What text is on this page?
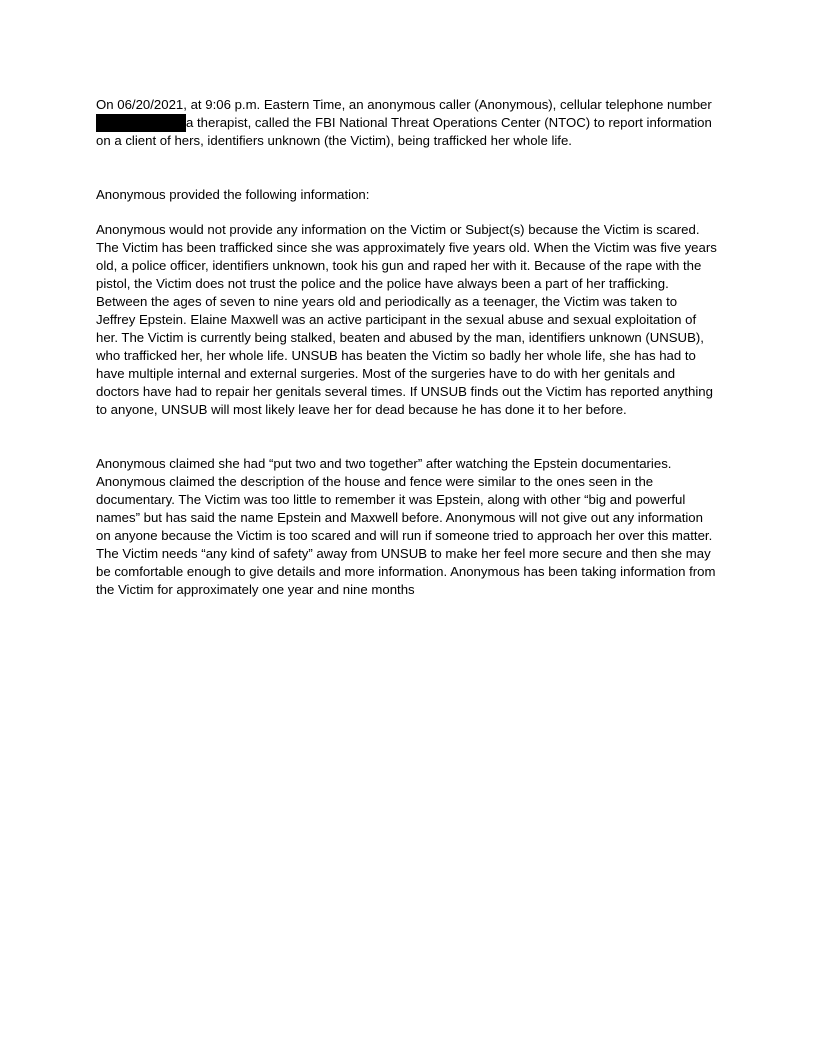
On 06/20/2021, at 9:06 p.m. Eastern Time, an anonymous caller (Anonymous), cellular telephone numbera therapist, called the FBI National Threat Operations Center (NTOC) to report information on a client of hers, identifiers unknown (the Victim), being trafficked her whole life.

Anonymous provided the following information:

Anonymous would not provide any information on the Victim or Subject(s) because the Victim is scared. The Victim has been trafficked since she was approximately five years old. When the Victim was five years old, a police officer, identifiers unknown, took his gun and raped her with it. Because of the rape with the pistol, the Victim does not trust the police and the police have always been a part of her trafficking. Between the ages of seven to nine years old and periodically as a teenager, the Victim was taken to Jeffrey Epstein. Elaine Maxwell was an active participant in the sexual abuse and sexual exploitation of her. The Victim is currently being stalked, beaten and abused by the man, identifiers unknown (UNSUB), who trafficked her, her whole life. UNSUB has beaten the Victim so badly her whole life, she has had to have multiple internal and external surgeries. Most of the surgeries have to do with her genitals and doctors have had to repair her genitals several times. If UNSUB finds out the Victim has reported anything to anyone, UNSUB will most likely leave her for dead because he has done it to her before.

Anonymous claimed she had “put two and two together” after watching the Epstein documentaries. Anonymous claimed the description of the house and fence were similar to the ones seen in the documentary. The Victim was too little to remember it was Epstein, along with other “big and powerful names” but has said the name Epstein and Maxwell before. Anonymous will not give out any information on anyone because the Victim is too scared and will run if someone tried to approach her over this matter. The Victim needs “any kind of safety” away from UNSUB to make her feel more secure and then she may be comfortable enough to give details and more information. Anonymous has been taking information from the Victim for approximately one year and nine months
